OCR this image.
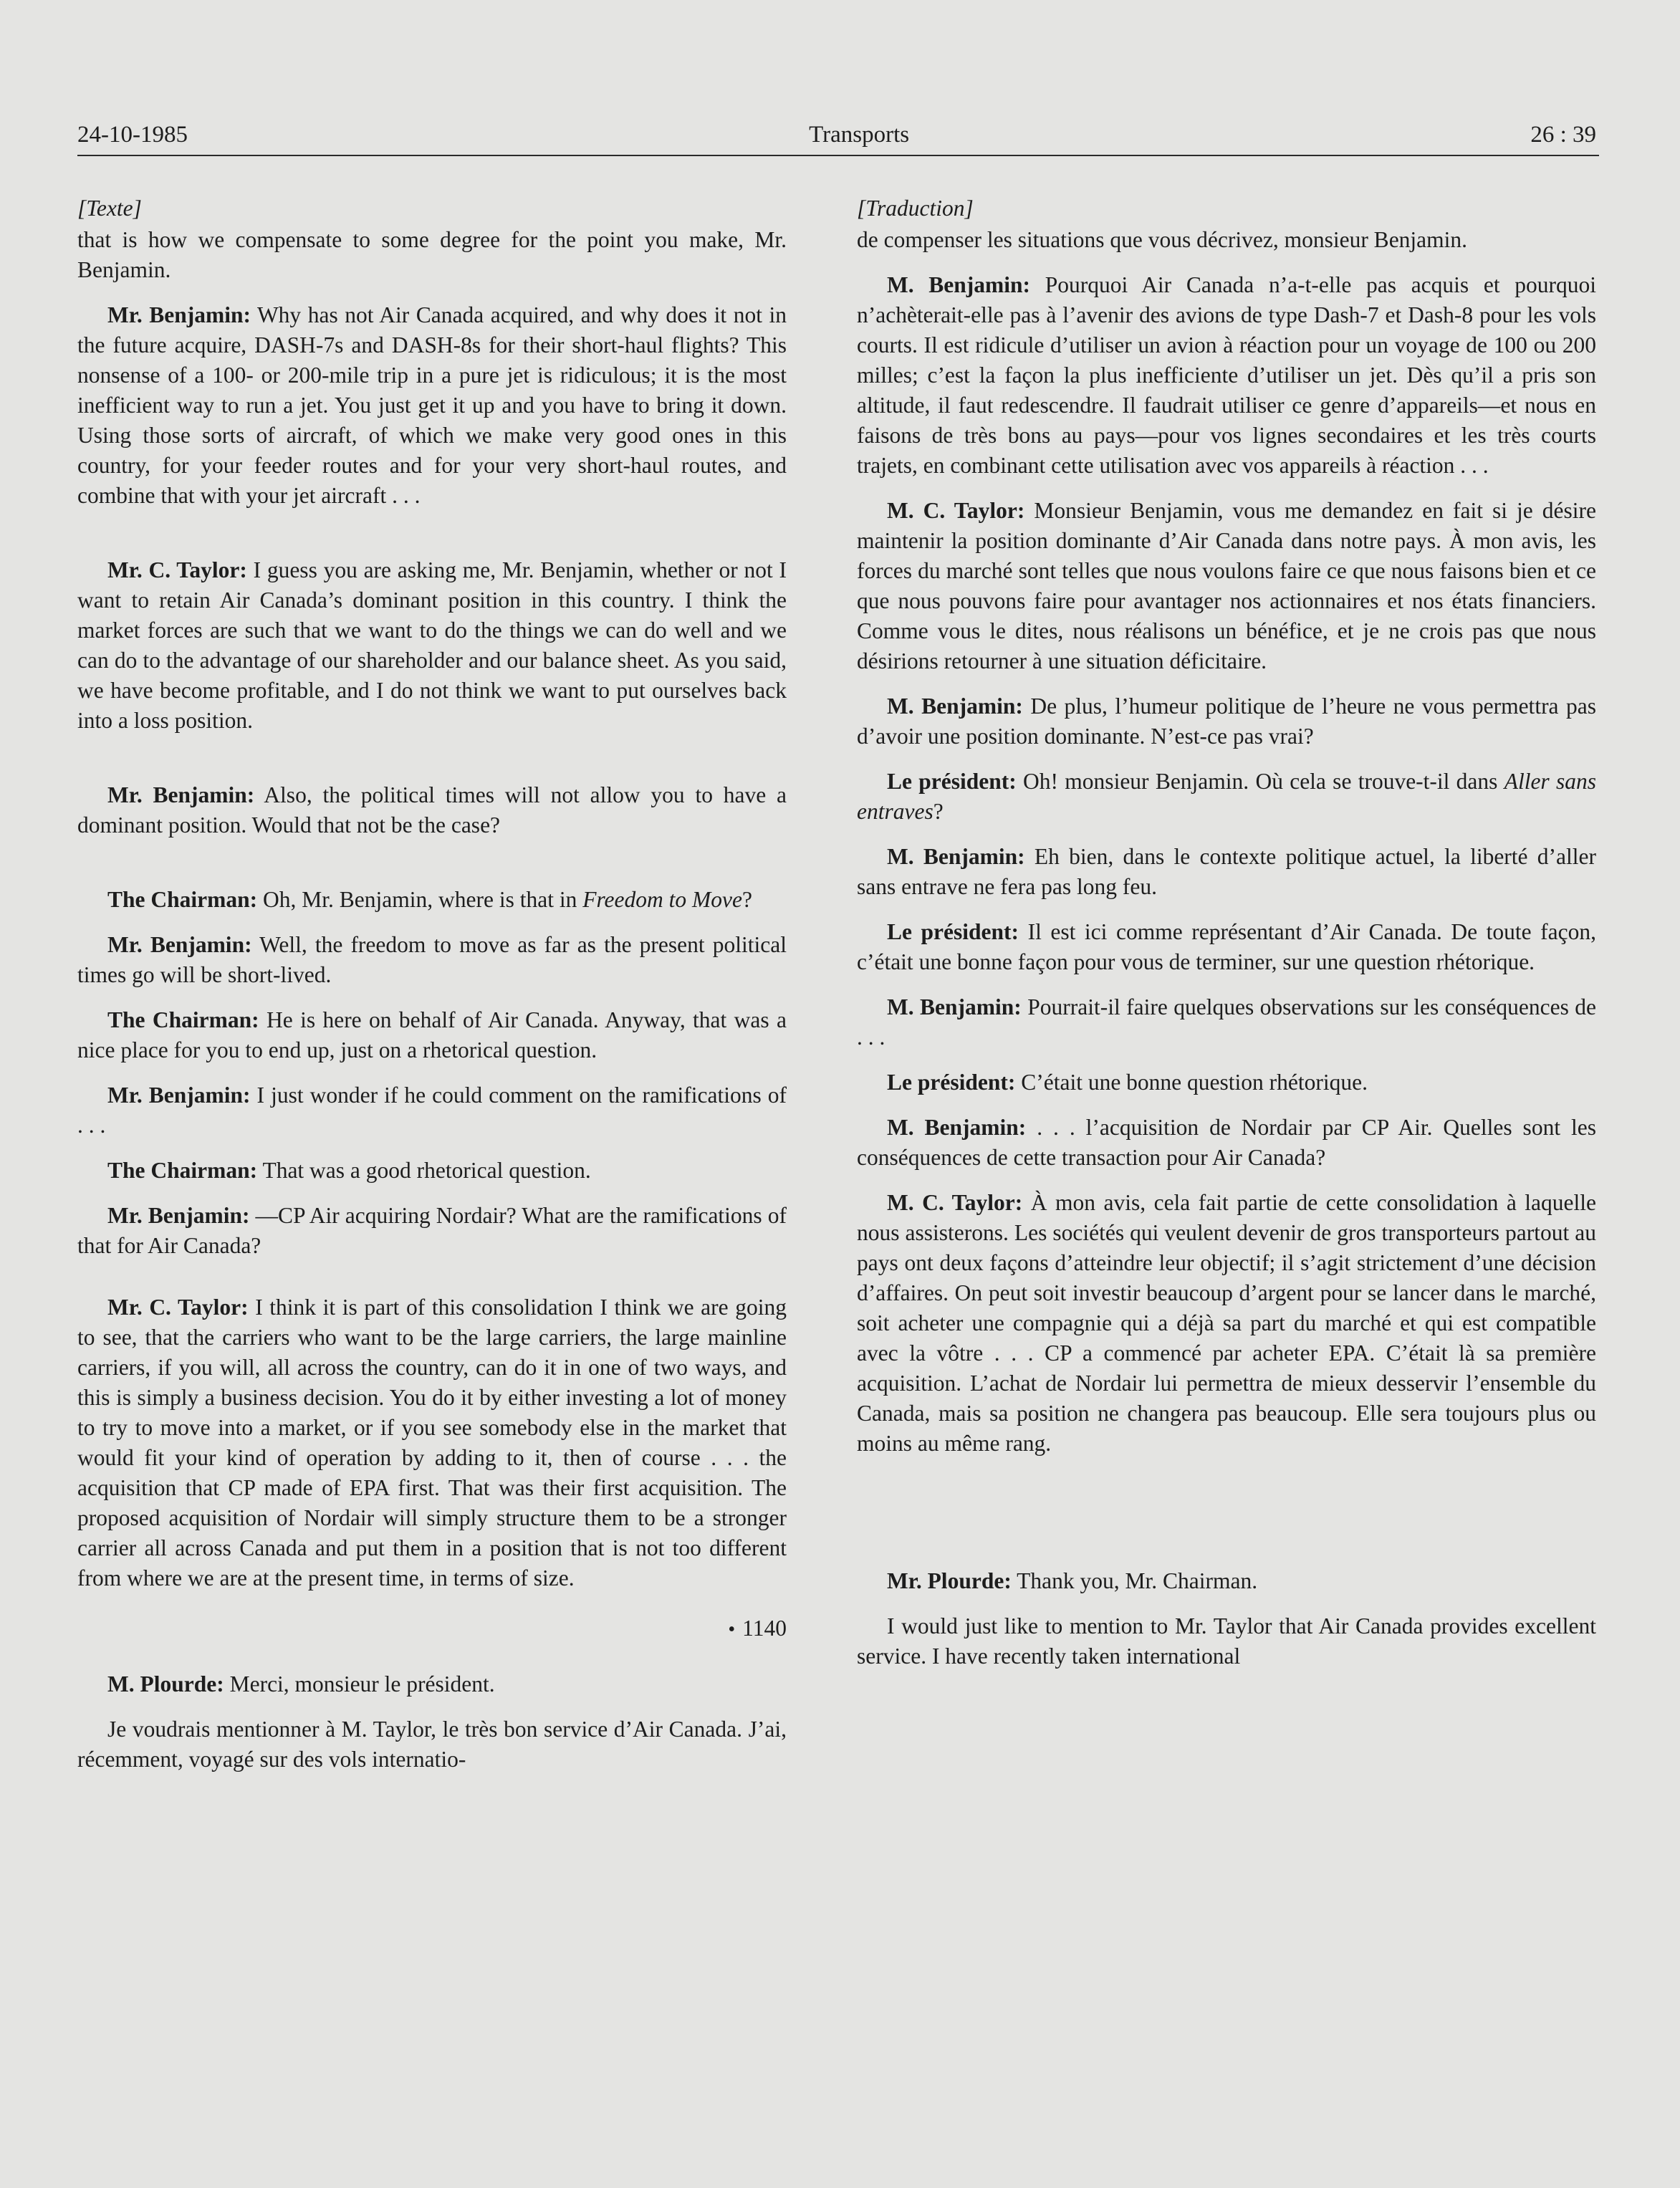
24-10-1985	Transports	26 : 39
[Texte]

that is how we compensate to some degree for the point you make, Mr. Benjamin.

Mr. Benjamin: Why has not Air Canada acquired, and why does it not in the future acquire, DASH-7s and DASH-8s for their short-haul flights? This nonsense of a 100- or 200-mile trip in a pure jet is ridiculous; it is the most inefficient way to run a jet. You just get it up and you have to bring it down. Using those sorts of aircraft, of which we make very good ones in this country, for your feeder routes and for your very short-haul routes, and combine that with your jet aircraft . . .

Mr. C. Taylor: I guess you are asking me, Mr. Benjamin, whether or not I want to retain Air Canada’s dominant position in this country. I think the market forces are such that we want to do the things we can do well and we can do to the advantage of our shareholder and our balance sheet. As you said, we have become profitable, and I do not think we want to put ourselves back into a loss position.

Mr. Benjamin: Also, the political times will not allow you to have a dominant position. Would that not be the case?

The Chairman: Oh, Mr. Benjamin, where is that in Freedom to Move?

Mr. Benjamin: Well, the freedom to move as far as the present political times go will be short-lived.

The Chairman: He is here on behalf of Air Canada. Anyway, that was a nice place for you to end up, just on a rhetorical question.

Mr. Benjamin: I just wonder if he could comment on the ramifications of . . .

The Chairman: That was a good rhetorical question.

Mr. Benjamin: —CP Air acquiring Nordair? What are the ramifications of that for Air Canada?

Mr. C. Taylor: I think it is part of this consolidation I think we are going to see, that the carriers who want to be the large carriers, the large mainline carriers, if you will, all across the country, can do it in one of two ways, and this is simply a business decision. You do it by either investing a lot of money to try to move into a market, or if you see somebody else in the market that would fit your kind of operation by adding to it, then of course . . . the acquisition that CP made of EPA first. That was their first acquisition. The proposed acquisition of Nordair will simply structure them to be a stronger carrier all across Canada and put them in a position that is not too different from where we are at the present time, in terms of size.

• 1140

M. Plourde: Merci, monsieur le président.

Je voudrais mentionner à M. Taylor, le très bon service d’Air Canada. J’ai, récemment, voyagé sur des vols internatio-

[Traduction]

de compenser les situations que vous décrivez, monsieur Benjamin.

M. Benjamin: Pourquoi Air Canada n’a-t-elle pas acquis et pourquoi n’achèterait-elle pas à l’avenir des avions de type Dash-7 et Dash-8 pour les vols courts. Il est ridicule d’utiliser un avion à réaction pour un voyage de 100 ou 200 milles; c’est la façon la plus inefficiente d’utiliser un jet. Dès qu’il a pris son altitude, il faut redescendre. Il faudrait utiliser ce genre d’appareils—et nous en faisons de très bons au pays—pour vos lignes secondaires et les très courts trajets, en combinant cette utilisation avec vos appareils à réaction . . .

M. C. Taylor: Monsieur Benjamin, vous me demandez en fait si je désire maintenir la position dominante d’Air Canada dans notre pays. À mon avis, les forces du marché sont telles que nous voulons faire ce que nous faisons bien et ce que nous pouvons faire pour avantager nos actionnaires et nos états financiers. Comme vous le dites, nous réalisons un bénéfice, et je ne crois pas que nous désirions retourner à une situation déficitaire.

M. Benjamin: De plus, l’humeur politique de l’heure ne vous permettra pas d’avoir une position dominante. N’est-ce pas vrai?

Le président: Oh! monsieur Benjamin. Où cela se trouve-t-il dans Aller sans entraves?

M. Benjamin: Eh bien, dans le contexte politique actuel, la liberté d’aller sans entrave ne fera pas long feu.

Le président: Il est ici comme représentant d’Air Canada. De toute façon, c’était une bonne façon pour vous de terminer, sur une question rhétorique.

M. Benjamin: Pourrait-il faire quelques observations sur les conséquences de . . .

Le président: C’était une bonne question rhétorique.

M. Benjamin: . . . l’acquisition de Nordair par CP Air. Quelles sont les conséquences de cette transaction pour Air Canada?

M. C. Taylor: À mon avis, cela fait partie de cette consolidation à laquelle nous assisterons. Les sociétés qui veulent devenir de gros transporteurs partout au pays ont deux façons d’atteindre leur objectif; il s’agit strictement d’une décision d’affaires. On peut soit investir beaucoup d’argent pour se lancer dans le marché, soit acheter une compagnie qui a déjà sa part du marché et qui est compatible avec la vôtre . . . CP a commencé par acheter EPA. C’était là sa première acquisition. L’achat de Nordair lui permettra de mieux desservir l’ensemble du Canada, mais sa position ne changera pas beaucoup. Elle sera toujours plus ou moins au même rang.

Mr. Plourde: Thank you, Mr. Chairman.

I would just like to mention to Mr. Taylor that Air Canada provides excellent service. I have recently taken international
